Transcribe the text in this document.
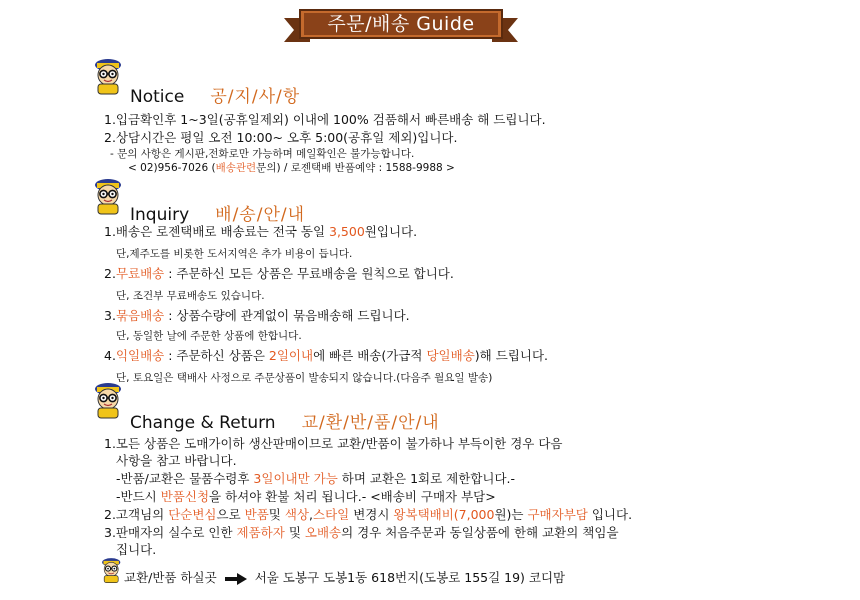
주문/배송 Guide
Notice 공/지/사/항
1.입금확인후 1~3일(공휴일제외) 이내에 100% 검품해서 빠른배송 해 드립니다.
2.상담시간은 평일 오전 10:00~ 오후 5:00(공휴일 제외)입니다.
- 문의 사항은 게시판,전화로만 가능하며 메일확인은 불가능합니다.
< 02)956-7026 (배송관련문의) / 로젠택배 반품예약 : 1588-9988 >
Inquiry 배/송/안/내
1.배송은 로젠택배로 배송료는 전국 동일 3,500원입니다.
단,제주도를 비롯한 도서지역은 추가 비용이 듭니다.
2.무료배송 : 주문하신 모든 상품은 무료배송을 원칙으로 합니다.
단, 조건부 무료배송도 있습니다.
3.묶음배송 : 상품수량에 관계없이 묶음배송해 드립니다.
단, 동일한 날에 주문한 상품에 한합니다.
4.익일배송 : 주문하신 상품은 2일이내에 빠른 배송(가급적 당일배송)해 드립니다.
단, 토요일은 택배사 사정으로 주문상품이 발송되지 않습니다.(다음주 월요일 발송)
Change & Return 교/환/반/품/안/내
1.모든 상품은 도매가이하 생산판매이므로 교환/반품이 불가하나 부득이한 경우 다음
사항을 참고 바랍니다.
-반품/교환은 물품수령후 3일이내만 가능 하며 교환은 1회로 제한합니다.-
-반드시 반품신청을 하셔야 환불 처리 됩니다.- <배송비 구매자 부담>
2.고객님의 단순변심으로 반품및 색상,스타일 변경시 왕복택배비(7,000원)는 구매자부담 입니다.
3.판매자의 실수로 인한 제품하자 및 오배송의 경우 처음주문과 동일상품에 한해 교환의 책임을
집니다.
교환/반품 하실곳	서울 도봉구 도봉1동 618번지(도봉로 155길 19) 코디맘
